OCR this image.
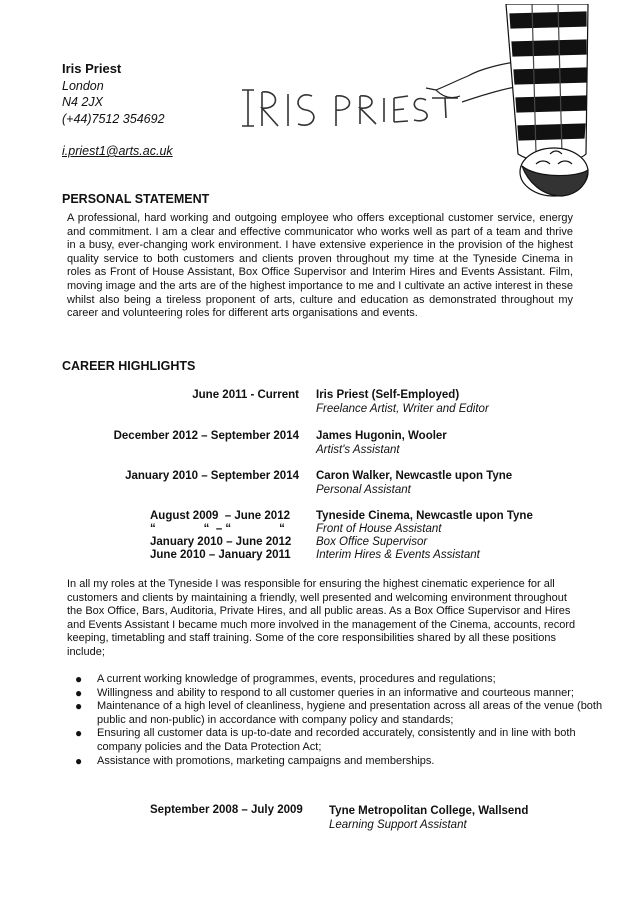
Iris Priest
London
N4 2JX
(+44)7512 354692
i.priest1@arts.ac.uk
IRIS PRIEST
PERSONAL STATEMENT
A professional, hard working and outgoing employee who offers exceptional customer service, energy and commitment. I am a clear and effective communicator who works well as part of a team and thrive in a busy, ever-changing work environment. I have extensive experience in the provision of the highest quality service to both customers and clients proven throughout my time at the Tyneside Cinema in roles as Front of House Assistant, Box Office Supervisor and Interim Hires and Events Assistant. Film, moving image and the arts are of the highest importance to me and I cultivate an active interest in these whilst also being a tireless proponent of arts, culture and education as demonstrated throughout my career and volunteering roles for different arts organisations and events.
CAREER HIGHLIGHTS
June 2011 - Current Iris Priest (Self-Employed)
Freelance Artist, Writer and Editor
December 2012 – September 2014 James Hugonin, Wooler
Artist's Assistant
January 2010 – September 2014 Caron Walker, Newcastle upon Tyne
Personal Assistant
August 2009  – June 2012
“               “  – “               “
January 2010 – June 2012
June 2010 – January 2011
Tyneside Cinema, Newcastle upon Tyne
Front of House Assistant
Box Office Supervisor
Interim Hires & Events Assistant
In all my roles at the Tyneside I was responsible for ensuring the highest cinematic experience for all customers and clients by maintaining a friendly, well presented and welcoming environment throughout the Box Office, Bars, Auditoria, Private Hires, and all public areas. As a Box Office Supervisor and Hires and Events Assistant I became much more involved in the management of the Cinema, accounts, record keeping, timetabling and staff training. Some of the core responsibilities shared by all these positions include;
● A current working knowledge of programmes, events, procedures and regulations;
● Willingness and ability to respond to all customer queries in an informative and courteous manner;
● Maintenance of a high level of cleanliness, hygiene and presentation across all areas of the venue (both public and non-public) in accordance with company policy and standards;
● Ensuring all customer data is up-to-date and recorded accurately, consistently and in line with both company policies and the Data Protection Act;
● Assistance with promotions, marketing campaigns and memberships.
September 2008 – July 2009 Tyne Metropolitan College, Wallsend
Learning Support Assistant
